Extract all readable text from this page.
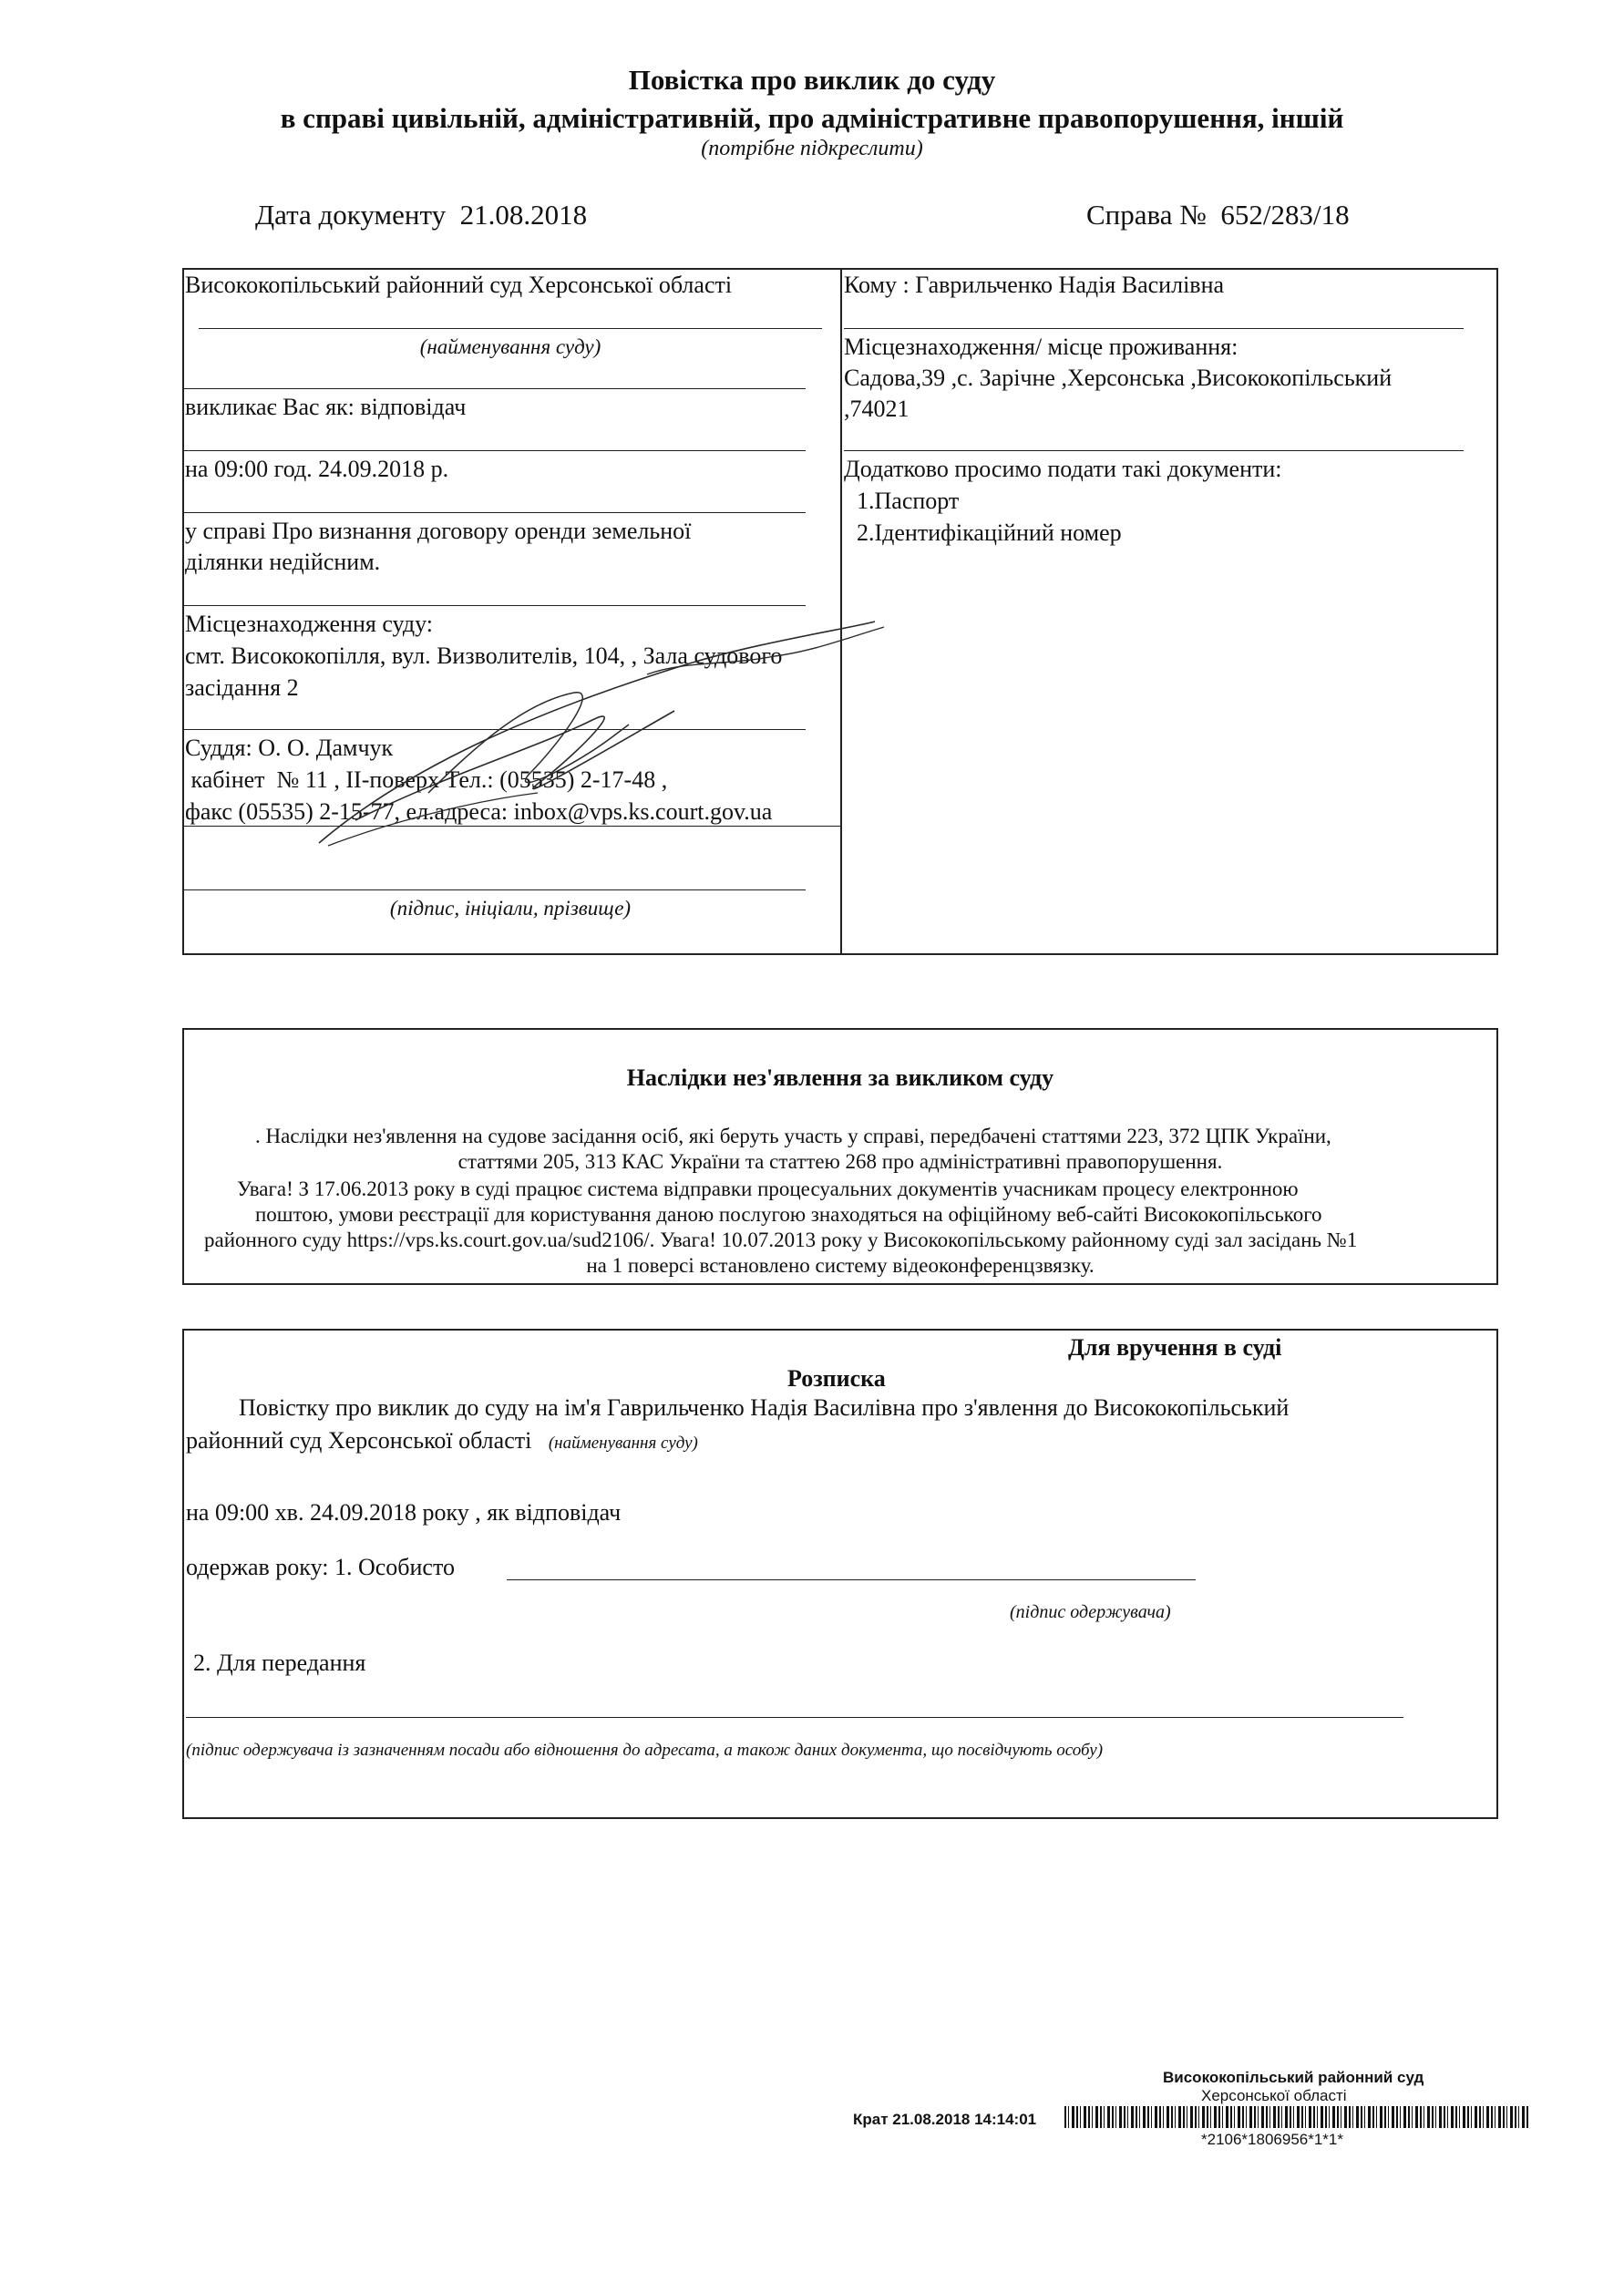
Повістка про виклик до суду
в справі цивільній, адміністративній, про адміністративне правопорушення, іншій
(потрібне підкреслити)
Дата документу 21.08.2018	Справа № 652/283/18
Висококопільський районний суд Херсонської області
(найменування суду)
викликає Вас як: відповідач
на 09:00 год. 24.09.2018 р.
у справі Про визнання договору оренди земельної
ділянки недійсним.
Місцезнаходження суду:
смт. Висококопілля, вул. Визволителів, 104, , Зала судового
засідання 2
Суддя: О. О. Дамчук
кабінет  № 11 , II-поверх Тел.: (05535) 2-17-48 ,
факс (05535) 2-15-77, ел.адреса: inbox@vps.ks.court.gov.ua
(підпис, ініціали, прізвище)
Кому : Гаврильченко Надія Василівна
Місцезнаходження/ місце проживання:
Садова,39 ,с. Зарічне ,Херсонська ,Висококопільський
,74021
Додатково просимо подати такі документи:
1.Паспорт
2.Ідентифікаційний номер
Наслідки нез'явлення за викликом суду
. Наслідки нез'явлення на судове засідання осіб, які беруть участь у справі, передбачені статтями 223, 372 ЦПК України,
статтями 205, 313 КАС України та статтею 268 про адміністративні правопорушення.
Увага! З 17.06.2013 року в суді працює система відправки процесуальних документів учасникам процесу електронною
поштою, умови реєстрації для користування даною послугою знаходяться на офіційному веб-сайті Висококопільського
районного суду https://vps.ks.court.gov.ua/sud2106/. Увага! 10.07.2013 року у Висококопільському районному суді зал засідань №1
на 1 поверсі встановлено систему відеоконференцзвязку.
Для вручення в суді
Розписка
Повістку про виклик до суду на ім'я Гаврильченко Надія Василівна про з'явлення до Висококопільський
районний суд Херсонської області (найменування суду)
на 09:00 хв. 24.09.2018 року , як відповідач
одержав року: 1. Особисто
(підпис одержувача)
2. Для передання
(підпис одержувача із зазначенням посади або відношення до адресата, а також даних документа, що посвідчують особу)
Висококопільський районний суд
Херсонської області
Крат 21.08.2018 14:14:01
*2106*1806956*1*1*
